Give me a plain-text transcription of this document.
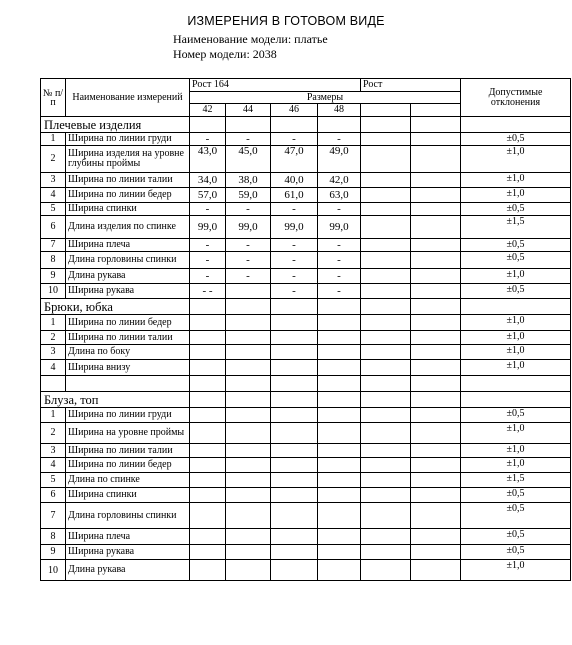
ИЗМЕРЕНИЯ В ГОТОВОМ ВИДЕ
Наименование модели: платье
Номер модели: 2038
№ п/ п	Наименование измерений	Рост 164				Рост		Допустимые отклонения
		Размеры						
		42	44	46	48			
Плечевые изделия								
1	Ширина по линии груди	-	-	-	-			±0,5
2	Ширина изделия на уровне глубины проймы	43,0	45,0	47,0	49,0			±1,0
3	Ширина по линии талии	34,0	38,0	40,0	42,0			±1,0
4	Ширина по линии бедер	57,0	59,0	61,0	63,0			±1,0
5	Ширина спинки	-	-	-	-			±0,5
6	Длина изделия по спинке	99,0	99,0	99,0	99,0			±1,5
7	Ширина плеча	-	-	-	-			±0,5
8	Длина горловины спинки	-	-	-	-			±0,5
9	Длина рукава	-	-	-	-			±1,0
10	Ширина рукава	- -		-	-			±0,5
Брюки, юбка								
1	Ширина по линии бедер							±1,0
2	Ширина по линии талии							±1,0
3	Длина по боку							±1,0
4	Ширина внизу							±1,0

Блуза, топ								
1	Ширина по линии груди							±0,5
2	Ширина на уровне проймы							±1,0
3	Ширина по линии талии							±1,0
4	Ширина по линии бедер							±1,0
5	Длина по спинке							±1,5
6	Ширина спинки							±0,5
7	Длина горловины спинки							±0,5
8	Ширина плеча							±0,5
9	Ширина рукава							±0,5
10	Длина рукава							±1,0
